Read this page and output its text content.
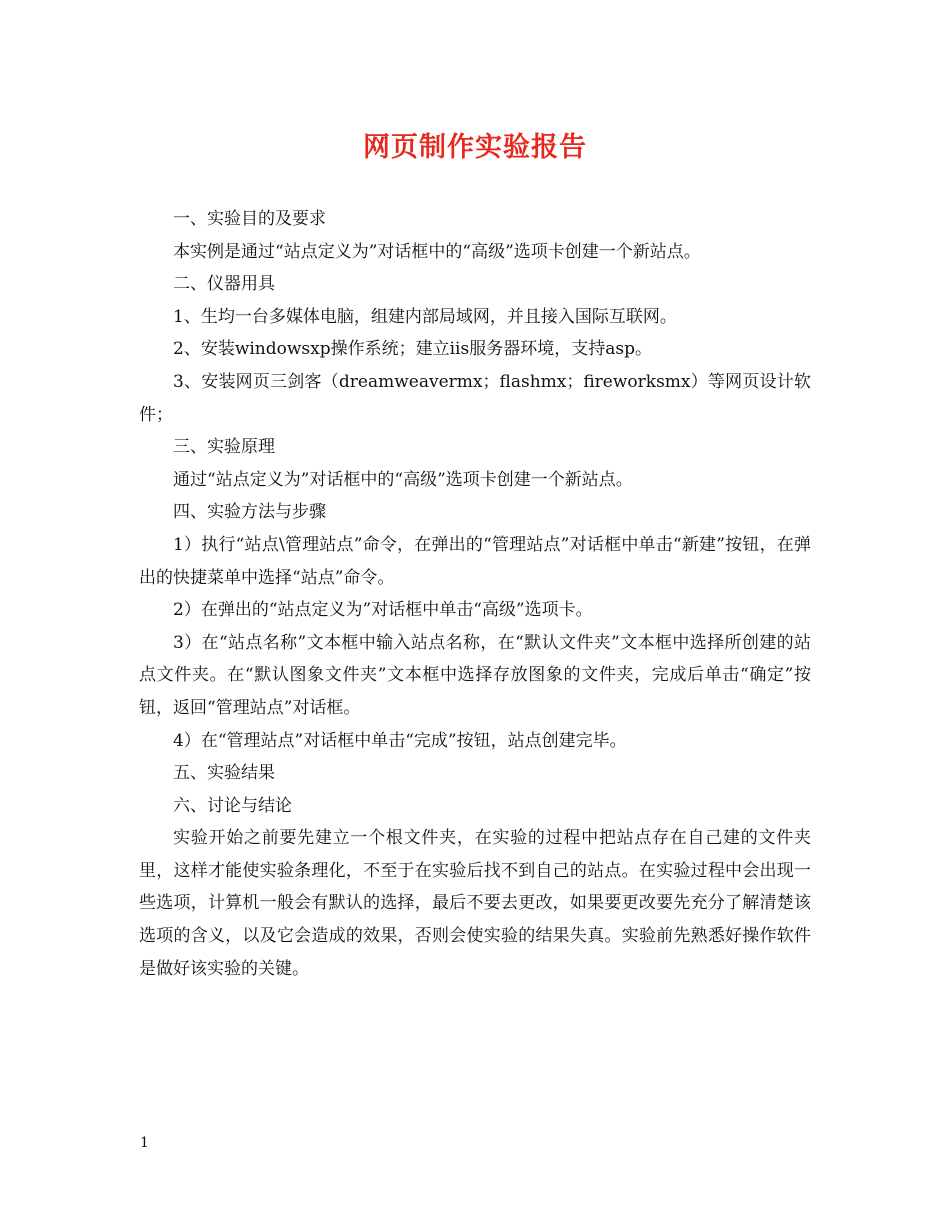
网页制作实验报告

一、实验目的及要求

本实例是通过“站点定义为”对话框中的“高级”选项卡创建一个新站点。

二、仪器用具

1、生均一台多媒体电脑，组建内部局域网，并且接入国际互联网。

2、安装windowsxp操作系统；建立iis服务器环境，支持asp。

3、安装网页三剑客（dreamweavermx；flashmx；fireworksmx）等网页设计软件；

三、实验原理

通过“站点定义为”对话框中的“高级”选项卡创建一个新站点。

四、实验方法与步骤

1）执行“站点\管理站点”命令，在弹出的“管理站点”对话框中单击“新建”按钮，在弹出的快捷菜单中选择“站点”命令。

2）在弹出的“站点定义为”对话框中单击“高级”选项卡。

3）在“站点名称”文本框中输入站点名称，在“默认文件夹”文本框中选择所创建的站点文件夹。在“默认图象文件夹”文本框中选择存放图象的文件夹，完成后单击“确定”按钮，返回“管理站点”对话框。

4）在“管理站点”对话框中单击“完成”按钮，站点创建完毕。

五、实验结果

六、讨论与结论

实验开始之前要先建立一个根文件夹，在实验的过程中把站点存在自己建的文件夹里，这样才能使实验条理化，不至于在实验后找不到自己的站点。在实验过程中会出现一些选项，计算机一般会有默认的选择，最后不要去更改，如果要更改要先充分了解清楚该选项的含义，以及它会造成的效果，否则会使实验的结果失真。实验前先熟悉好操作软件是做好该实验的关键。

1
